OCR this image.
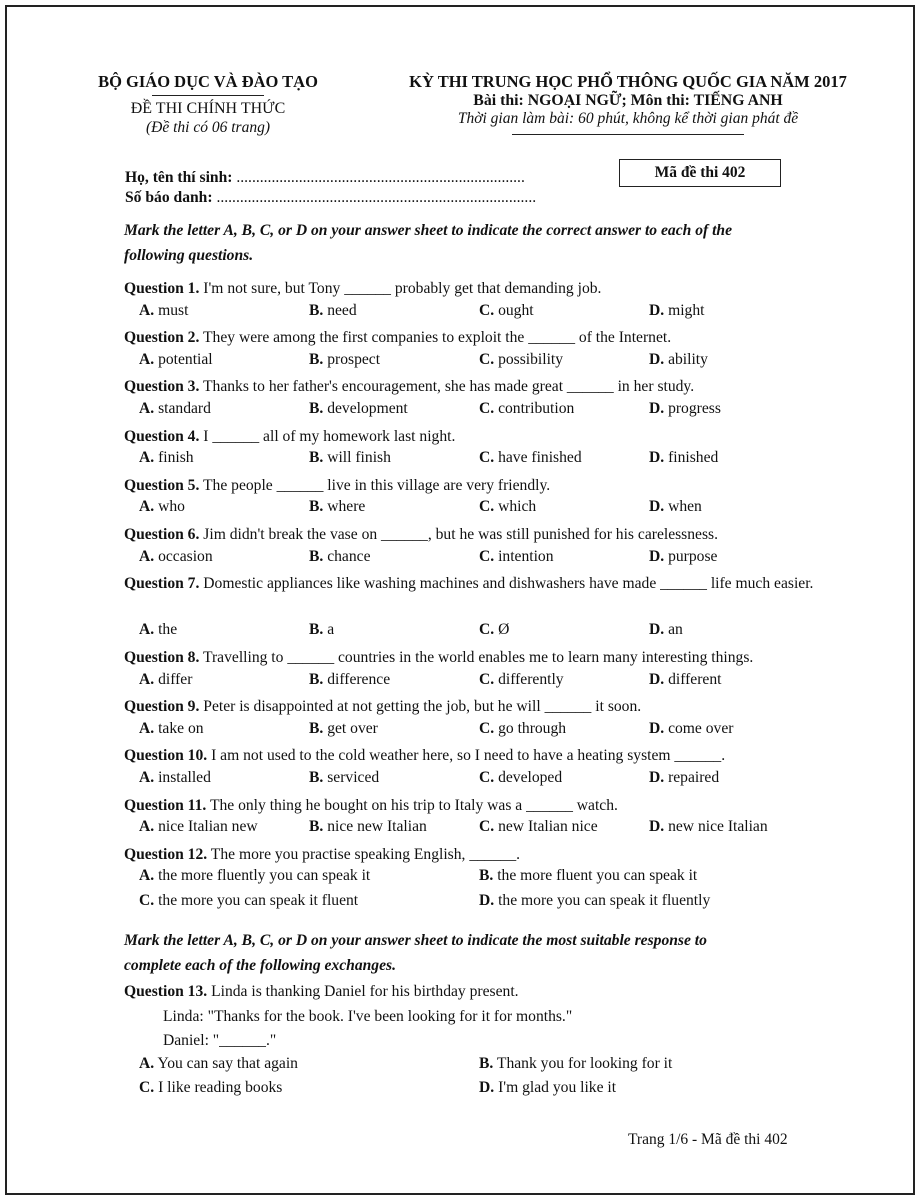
BỘ GIÁO DỤC VÀ ĐÀO TẠO
ĐỀ THI CHÍNH THỨC
(Đề thi có 06 trang)
KỲ THI TRUNG HỌC PHỔ THÔNG QUỐC GIA NĂM 2017
Bài thi: NGOẠI NGỮ; Môn thi: TIẾNG ANH
Thời gian làm bài: 60 phút, không kể thời gian phát đề
Mã đề thi 402
Họ, tên thí sinh: ..........................................................................
Số báo danh: ..................................................................................
Mark the letter A, B, C, or D on your answer sheet to indicate the correct answer to each of the
following questions.
Question 1. I'm not sure, but Tony ______ probably get that demanding job.
A. must	B. need	C. ought	D. might
Question 2. They were among the first companies to exploit the ______ of the Internet.
A. potential	B. prospect	C. possibility	D. ability
Question 3. Thanks to her father's encouragement, she has made great ______ in her study.
A. standard	B. development	C. contribution	D. progress
Question 4. I ______ all of my homework last night.
A. finish	B. will finish	C. have finished	D. finished
Question 5. The people ______ live in this village are very friendly.
A. who	B. where	C. which	D. when
Question 6. Jim didn't break the vase on ______, but he was still punished for his carelessness.
A. occasion	B. chance	C. intention	D. purpose
Question 7. Domestic appliances like washing machines and dishwashers have made ______ life much easier.
A. the	B. a	C. Ø	D. an
Question 8. Travelling to ______ countries in the world enables me to learn many interesting things.
A. differ	B. difference	C. differently	D. different
Question 9. Peter is disappointed at not getting the job, but he will ______ it soon.
A. take on	B. get over	C. go through	D. come over
Question 10. I am not used to the cold weather here, so I need to have a heating system ______.
A. installed	B. serviced	C. developed	D. repaired
Question 11. The only thing he bought on his trip to Italy was a ______ watch.
A. nice Italian new	B. nice new Italian	C. new Italian nice	D. new nice Italian
Question 12. The more you practise speaking English, ______.
A. the more fluently you can speak it	B. the more fluent you can speak it
C. the more you can speak it fluent	D. the more you can speak it fluently
Mark the letter A, B, C, or D on your answer sheet to indicate the most suitable response to
complete each of the following exchanges.
Question 13. Linda is thanking Daniel for his birthday present.
Linda: "Thanks for the book. I've been looking for it for months."
Daniel: "______."
A. You can say that again	B. Thank you for looking for it
C. I like reading books	D. I'm glad you like it
Trang 1/6 - Mã đề thi 402
